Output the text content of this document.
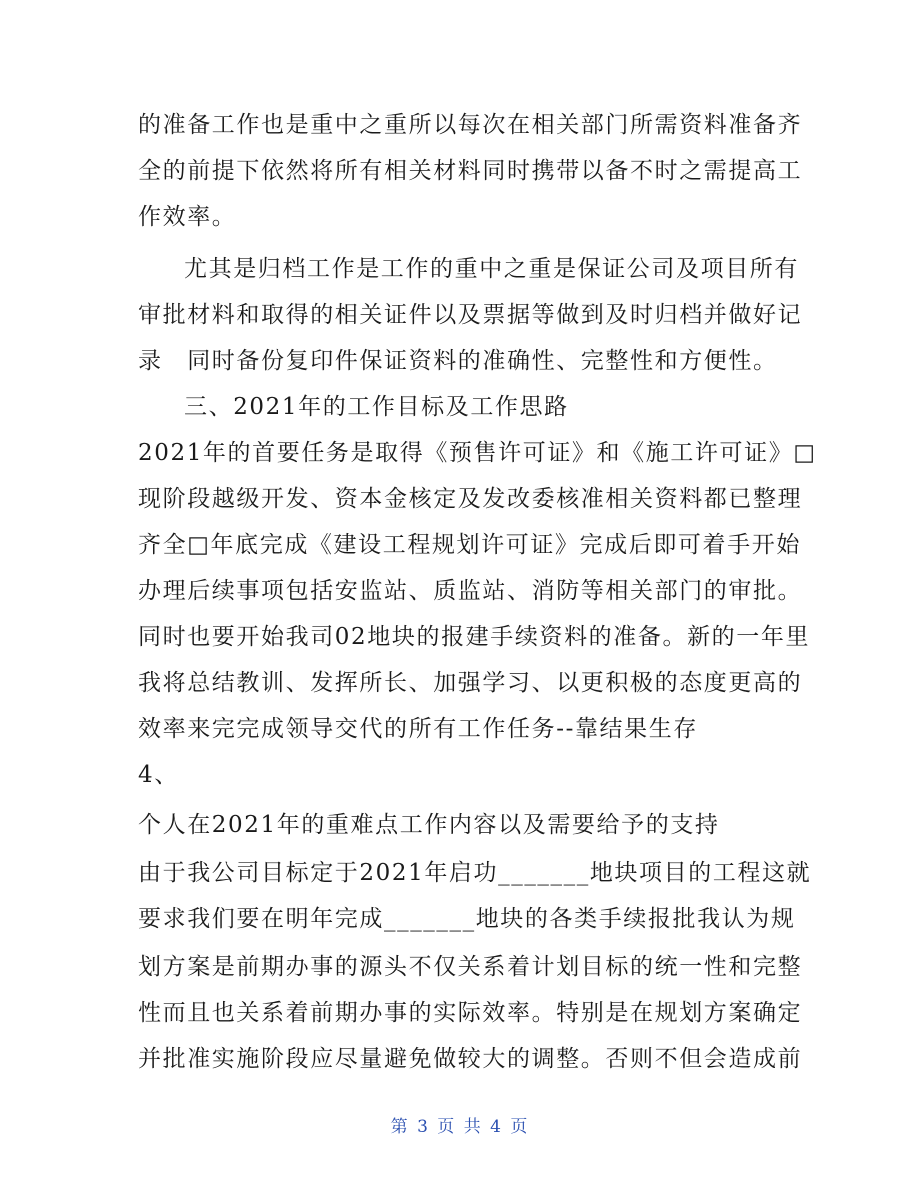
的准备工作也是重中之重所以每次在相关部门所需资料准备齐
全的前提下依然将所有相关材料同时携带以备不时之需提高工
作效率。
尤其是归档工作是工作的重中之重是保证公司及项目所有
审批材料和取得的相关证件以及票据等做到及时归档并做好记
录　同时备份复印件保证资料的准确性、完整性和方便性。
三、2021年的工作目标及工作思路
2021年的首要任务是取得《预售许可证》和《施工许可证》□
现阶段越级开发、资本金核定及发改委核准相关资料都已整理
齐全□年底完成《建设工程规划许可证》完成后即可着手开始
办理后续事项包括安监站、质监站、消防等相关部门的审批。
同时也要开始我司02地块的报建手续资料的准备。新的一年里
我将总结教训、发挥所长、加强学习、以更积极的态度更高的
效率来完完成领导交代的所有工作任务--靠结果生存
4、
个人在2021年的重难点工作内容以及需要给予的支持
由于我公司目标定于2021年启功_______地块项目的工程这就
要求我们要在明年完成_______地块的各类手续报批我认为规
划方案是前期办事的源头不仅关系着计划目标的统一性和完整
性而且也关系着前期办事的实际效率。特别是在规划方案确定
并批准实施阶段应尽量避免做较大的调整。否则不但会造成前
第 3 页 共 4 页
